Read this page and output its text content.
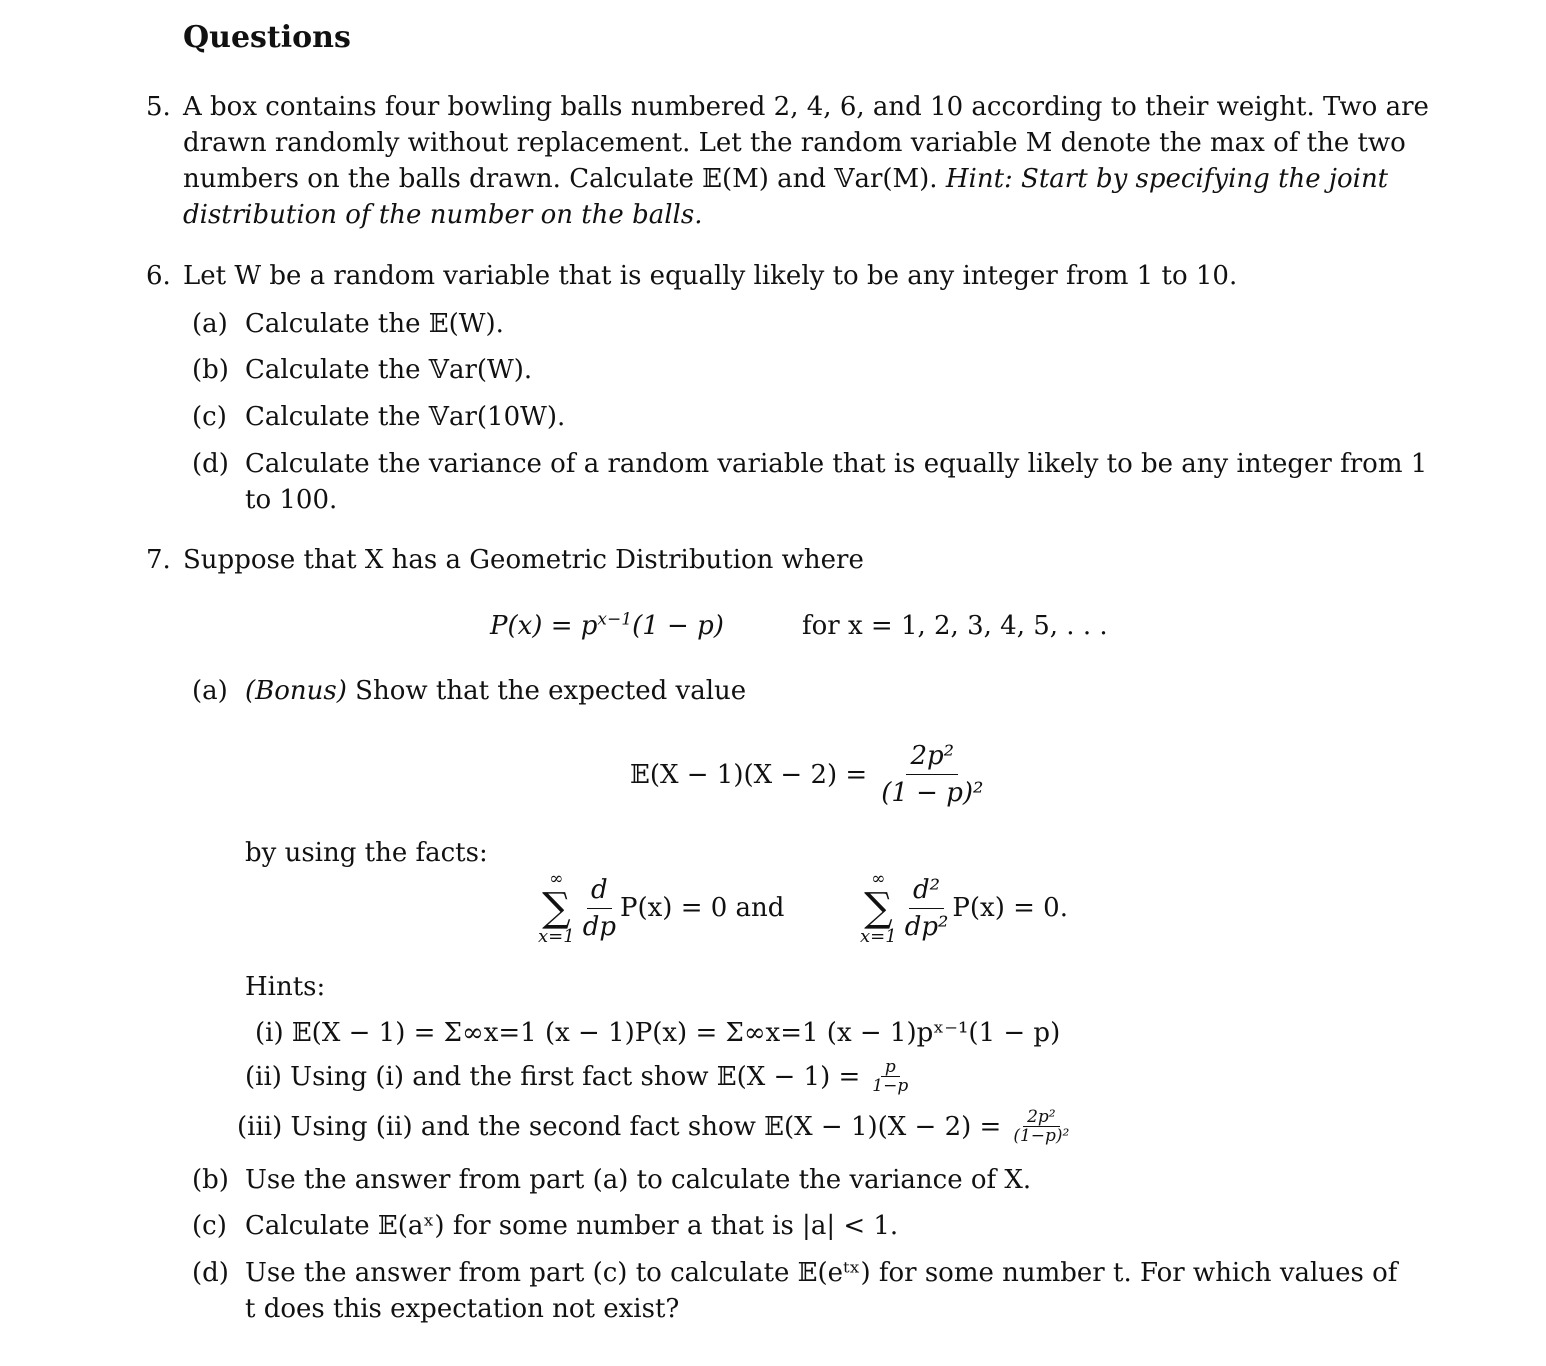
Questions
5. A box contains four bowling balls numbered 2, 4, 6, and 10 according to their weight. Two are
drawn randomly without replacement. Let the random variable M denote the max of the two
numbers on the balls drawn. Calculate 𝔼(M) and 𝕍ar(M). Hint: Start by specifying the joint
distribution of the number on the balls.
6. Let W be a random variable that is equally likely to be any integer from 1 to 10.
(a) Calculate the 𝔼(W).
(b) Calculate the 𝕍ar(W).
(c) Calculate the 𝕍ar(10W).
(d) Calculate the variance of a random variable that is equally likely to be any integer from 1
to 100.
7. Suppose that X has a Geometric Distribution where
$P(x) = p^{x-1}(1 - p)$	for x = 1, 2, 3, 4, 5, . . .
(a) (Bonus) Show that the expected value
𝔼(X − $1)(X - 2) = \frac{\text{2p²}}{\text{(1 − p)²}}$
by using the facts:
∞
∑
$x=1 \frac{d}{dp} P(x) = 0$ and
∞
∑
$x=1 \frac{\text{d²}}{\text{dp²}} P(x) = 0$.
Hints:
(i) 𝔼(X − 1) = Σ∞x=1 (x − 1)P(x) = Σ∞x=1 (x − 1)pˣ⁻¹(1 − p)
(ii) Using (i) and the first fact show 𝔼(X − $1) = \frac{p}{1-p}$
(iii) Using (ii) and the second fact show 𝔼(X − $1)(X - 2) = \frac{\text{2p²}}{\text{(1−p)²}}$
(b) Use the answer from part (a) to calculate the variance of X.
(c) Calculate 𝔼(aˣ) for some number a that is |a| < 1.
(d) Use the answer from part (c) to calculate 𝔼(eᵗˣ) for some number t. For which values of
t does this expectation not exist?
